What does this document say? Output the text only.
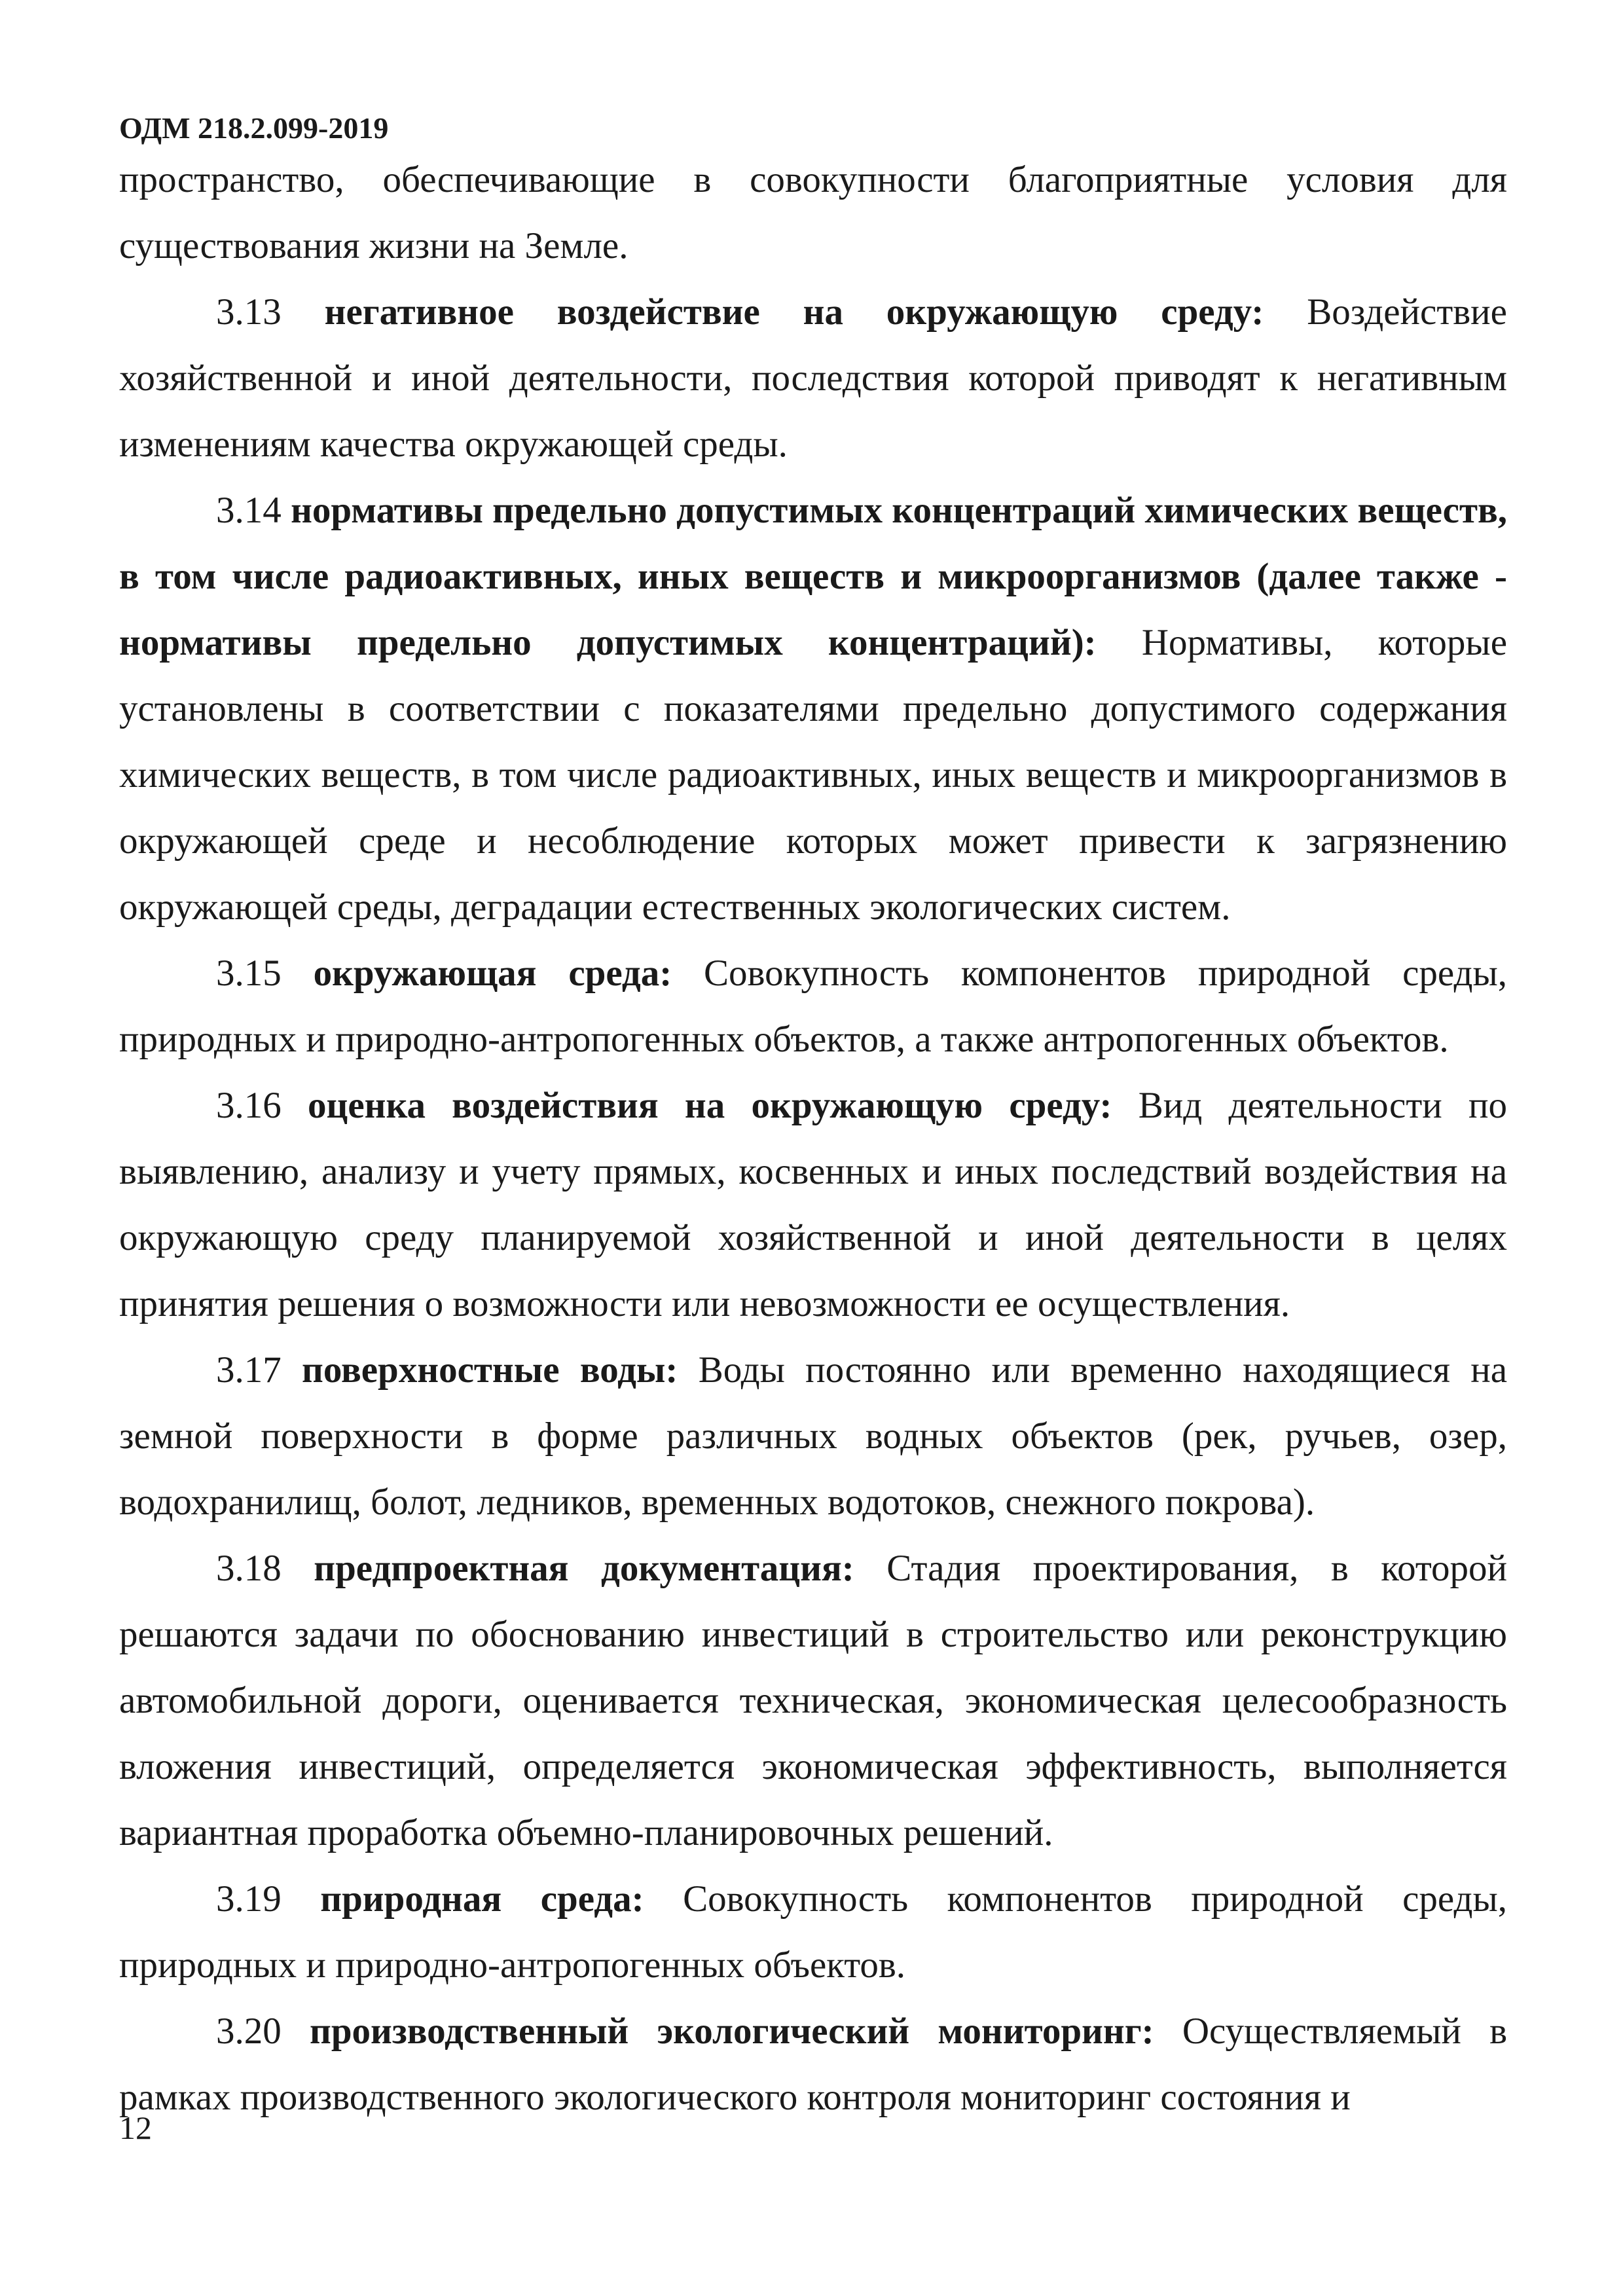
ОДМ 218.2.099-2019

пространство, обеспечивающие в совокупности благоприятные условия для существования жизни на Земле.

3.13 негативное воздействие на окружающую среду: Воздействие хозяйственной и иной деятельности, последствия которой приводят к негативным изменениям качества окружающей среды.

3.14 нормативы предельно допустимых концентраций химических веществ, в том числе радиоактивных, иных веществ и микроорганизмов (далее также - нормативы предельно допустимых концентраций): Нормативы, которые установлены в соответствии с показателями предельно допустимого содержания химических веществ, в том числе радиоактивных, иных веществ и микроорганизмов в окружающей среде и несоблюдение которых может привести к загрязнению окружающей среды, деградации естественных экологических систем.

3.15 окружающая среда: Совокупность компонентов природной среды, природных и природно-антропогенных объектов, а также антропогенных объектов.

3.16 оценка воздействия на окружающую среду: Вид деятельности по выявлению, анализу и учету прямых, косвенных и иных последствий воздействия на окружающую среду планируемой хозяйственной и иной деятельности в целях принятия решения о возможности или невозможности ее осуществления.

3.17 поверхностные воды: Воды постоянно или временно находящиеся на земной поверхности в форме различных водных объектов (рек, ручьев, озер, водохранилищ, болот, ледников, временных водотоков, снежного покрова).

3.18 предпроектная документация: Стадия проектирования, в которой решаются задачи по обоснованию инвестиций в строительство или реконструкцию автомобильной дороги, оценивается техническая, экономическая целесообразность вложения инвестиций, определяется экономическая эффективность, выполняется вариантная проработка объемно-планировочных решений.

3.19 природная среда: Совокупность компонентов природной среды, природных и природно-антропогенных объектов.

3.20 производственный экологический мониторинг: Осуществляемый в рамках производственного экологического контроля мониторинг состояния и

12
